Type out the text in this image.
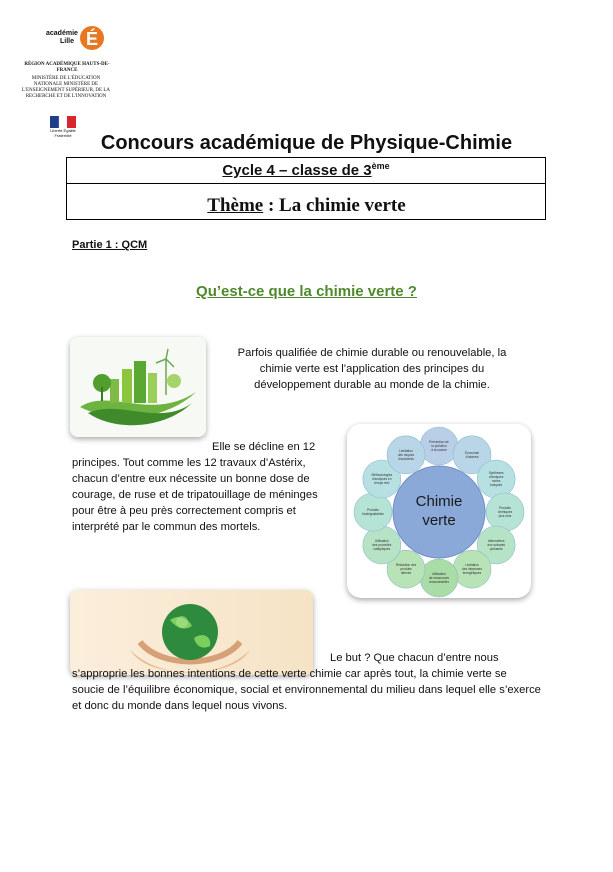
É
académie
Lille
RÉGION ACADÉMIQUE HAUTS-DE-FRANCE
MINISTÈRE DE L'ÉDUCATION NATIONALE MINISTÈRE DE L'ENSEIGNEMENT SUPÉRIEUR, DE LA RECHERCHE ET DE L'INNOVATION
Liberté Égalité Fraternité	Concours académique de Physique-Chimie
Cycle 4 – classe de 3ème
Thème : La chimie verte
Partie 1 : QCM
Qu’est-ce que la chimie verte ?
Parfois qualifiée de chimie durable ou renouvelable, la chimie verte est l’application des principes du développement durable au monde de la chimie.
Elle se décline en 12 principes. Tout comme les 12 travaux d’Astérix, chacun d’entre eux nécessite un bonne dose de courage, de ruse et de tripatouillage de méninges pour être à peu près correctement compris et interprété par le commun des mortels.
Prévention de la pollution à la source
Économie d'atomes
Synthèses chimiques moins toxiques
Produits chimiques plus sûrs
Alternatives aux solvants polluants
Limitation des dépenses énergétiques
Utilisation de ressources renouvelables
Réduction des produits dérivés
Utilisation des procédés catalytiques
Produits biodégradables
Méthodologies d'analyses en temps réel
Limitation des risques d'accidents
Chimie
verte
Le but ? Que chacun d’entre nous s’approprie les bonnes intentions de cette verte chimie car après tout, la chimie verte se soucie de l’équilibre économique, social et environnemental du milieu dans lequel elle s’exerce et donc du monde dans lequel nous vivons.
